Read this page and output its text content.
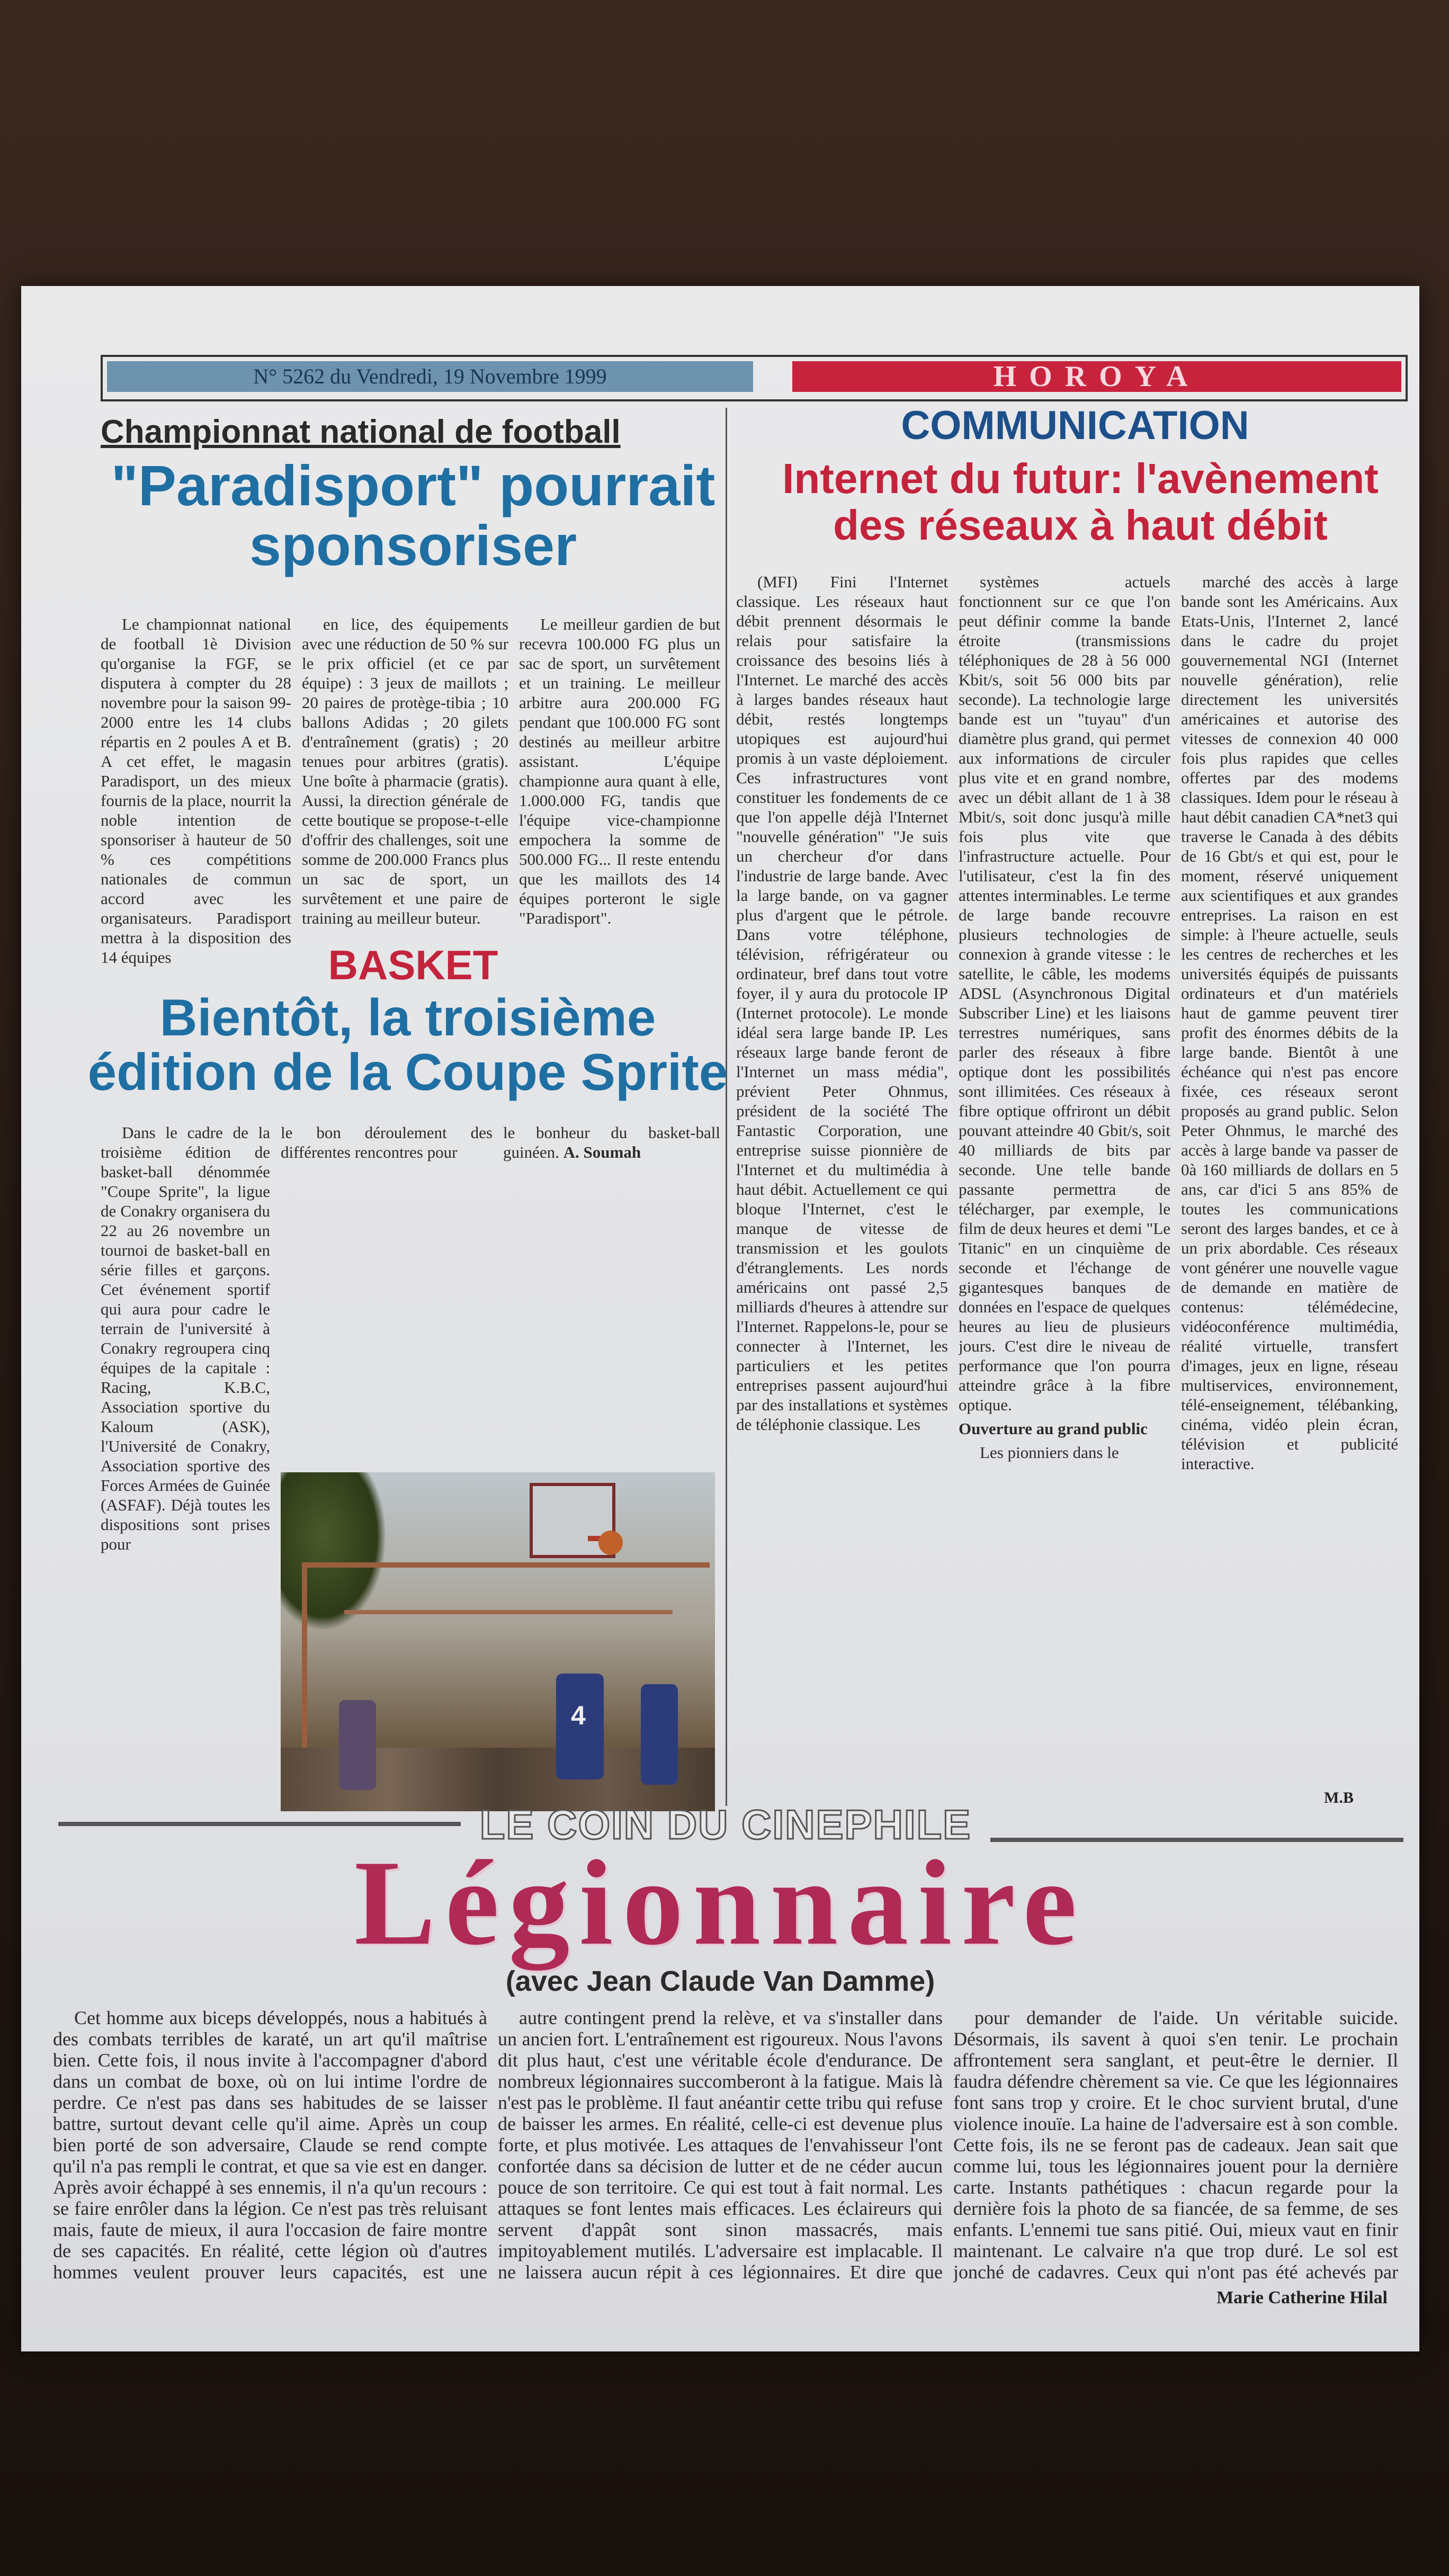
N° 5262 du Vendredi, 19 Novembre 1999	HOROYA
Championnat national de football
"Paradisport" pourrait sponsoriser

Le championnat national de football 1è Division qu'organise la FGF, se disputera à compter du 28 novembre pour la saison 99-2000 entre les 14 clubs répartis en 2 poules A et B. A cet effet, le magasin Paradisport, un des mieux fournis de la place, nourrit la noble intention de sponsoriser à hauteur de 50 % ces compétitions nationales de commun accord avec les organisateurs. Paradisport mettra à la disposition des 14 équipes

en lice, des équipements avec une réduction de 50 % sur le prix officiel (et ce par équipe) : 3 jeux de maillots ; 20 paires de protège-tibia ; 10 ballons Adidas ; 20 gilets d'entraînement (gratis) ; 20 tenues pour arbitres (gratis). Une boîte à pharmacie (gratis). Aussi, la direction générale de cette boutique se propose-t-elle d'offrir des challenges, soit une somme de 200.000 Francs plus un sac de sport, un survêtement et une paire de training au meilleur buteur.

Le meilleur gardien de but recevra 100.000 FG plus un sac de sport, un survêtement et un training. Le meilleur arbitre aura 200.000 FG pendant que 100.000 FG sont destinés au meilleur arbitre assistant. L'équipe championne aura quant à elle, 1.000.000 FG, tandis que l'équipe vice-championne empochera la somme de 500.000 FG... Il reste entendu que les maillots des 14 équipes porteront le sigle "Paradisport".

BASKET
Bientôt, la troisième édition de la Coupe Sprite

Dans le cadre de la troisième édition de basket-ball dénommée "Coupe Sprite", la ligue de Conakry organisera du 22 au 26 novembre un tournoi de basket-ball en série filles et garçons. Cet événement sportif qui aura pour cadre le terrain de l'université à Conakry regroupera cinq équipes de la capitale : Racing, K.B.C, Association sportive du Kaloum (ASK), l'Université de Conakry, Association sportive des Forces Armées de Guinée (ASFAF). Déjà toutes les dispositions sont prises pour

le bon déroulement des différentes rencontres pour

le bonheur du basket-ball guinéen. A. Soumah

4
COMMUNICATION
Internet du futur: l'avènement des réseaux à haut débit

(MFI) Fini l'Internet classique. Les réseaux haut débit prennent désormais le relais pour satisfaire la croissance des besoins liés à l'Internet. Le marché des accès à larges bandes réseaux haut débit, restés longtemps utopiques est aujourd'hui promis à un vaste déploiement. Ces infrastructures vont constituer les fondements de ce que l'on appelle déjà l'Internet "nouvelle génération" "Je suis un chercheur d'or dans l'industrie de large bande. Avec la large bande, on va gagner plus d'argent que le pétrole. Dans votre téléphone, télévision, réfrigérateur ou ordinateur, bref dans tout votre foyer, il y aura du protocole IP (Internet protocole). Le monde idéal sera large bande IP. Les réseaux large bande feront de l'Internet un mass média", prévient Peter Ohnmus, président de la société The Fantastic Corporation, une entreprise suisse pionnière de l'Internet et du multimédia à haut débit. Actuellement ce qui bloque l'Internet, c'est le manque de vitesse de transmission et les goulots d'étranglements. Les nords américains ont passé 2,5 milliards d'heures à attendre sur l'Internet. Rappelons-le, pour se connecter à l'Internet, les particuliers et les petites entreprises passent aujourd'hui par des installations et systèmes de téléphonie classique. Les

systèmes actuels fonctionnent sur ce que l'on peut définir comme la bande étroite (transmissions téléphoniques de 28 à 56 000 Kbit/s, soit 56 000 bits par seconde). La technologie large bande est un "tuyau" d'un diamètre plus grand, qui permet aux informations de circuler plus vite et en grand nombre, avec un débit allant de 1 à 38 Mbit/s, soit donc jusqu'à mille fois plus vite que l'infrastructure actuelle. Pour l'utilisateur, c'est la fin des attentes interminables. Le terme de large bande recouvre plusieurs technologies de connexion à grande vitesse : le satellite, le câble, les modems ADSL (Asynchronous Digital Subscriber Line) et les liaisons terrestres numériques, sans parler des réseaux à fibre optique dont les possibilités sont illimitées. Ces réseaux à fibre optique offriront un débit pouvant atteindre 40 Gbit/s, soit 40 milliards de bits par seconde. Une telle bande passante permettra de télécharger, par exemple, le film de deux heures et demi "Le Titanic" en un cinquième de seconde et l'échange de gigantesques banques de données en l'espace de quelques heures au lieu de plusieurs jours. C'est dire le niveau de performance que l'on pourra atteindre grâce à la fibre optique.

Ouverture au grand public

Les pionniers dans le

marché des accès à large bande sont les Américains. Aux Etats-Unis, l'Internet 2, lancé dans le cadre du projet gouvernemental NGI (Internet nouvelle génération), relie directement les universités américaines et autorise des vitesses de connexion 40 000 fois plus rapides que celles offertes par des modems classiques. Idem pour le réseau à haut débit canadien CA*net3 qui traverse le Canada à des débits de 16 Gbt/s et qui est, pour le moment, réservé uniquement aux scientifiques et aux grandes entreprises. La raison en est simple: à l'heure actuelle, seuls les centres de recherches et les universités équipés de puissants ordinateurs et d'un matériels haut de gamme peuvent tirer profit des énormes débits de la large bande. Bientôt à une échéance qui n'est pas encore fixée, ces réseaux seront proposés au grand public. Selon Peter Ohnmus, le marché des accès à large bande va passer de 0à 160 milliards de dollars en 5 ans, car d'ici 5 ans 85% de toutes les communications seront des larges bandes, et ce à un prix abordable. Ces réseaux vont générer une nouvelle vague de demande en matière de contenus: télémédecine, vidéoconférence multimédia, réalité virtuelle, transfert d'images, jeux en ligne, réseau multiservices, environnement, télé-enseignement, télébanking, cinéma, vidéo plein écran, télévision et publicité interactive.

M.B
LE COIN DU CINEPHILE
Légionnaire
(avec Jean Claude Van Damme)

Cet homme aux biceps développés, nous a habitués à des combats terribles de karaté, un art qu'il maîtrise bien. Cette fois, il nous invite à l'accompagner d'abord dans un combat de boxe, où on lui intime l'ordre de perdre. Ce n'est pas dans ses habitudes de se laisser battre, surtout devant celle qu'il aime. Après un coup bien porté de son adversaire, Claude se rend compte qu'il n'a pas rempli le contrat, et que sa vie est en danger. Après avoir échappé à ses ennemis, il n'a qu'un recours : se faire enrôler dans la légion. Ce n'est pas très reluisant mais, faute de mieux, il aura l'occasion de faire montre de ses capacités. En réalité, cette légion où d'autres hommes veulent prouver leurs capacités, est une

autre contingent prend la relève, et va s'installer dans un ancien fort. L'entraînement est rigoureux. Nous l'avons dit plus haut, c'est une véritable école d'endurance. De nombreux légionnaires succomberont à la fatigue. Mais là n'est pas le problème. Il faut anéantir cette tribu qui refuse de baisser les armes. En réalité, celle-ci est devenue plus forte, et plus motivée. Les attaques de l'envahisseur l'ont confortée dans sa décision de lutter et de ne céder aucun pouce de son territoire. Ce qui est tout à fait normal. Les attaques se font lentes mais efficaces. Les éclaireurs qui servent d'appât sont sinon massacrés, mais impitoyablement mutilés. L'adversaire est implacable. Il ne laissera aucun répit à ces légionnaires. Et dire que

pour demander de l'aide. Un véritable suicide. Désormais, ils savent à quoi s'en tenir. Le prochain affrontement sera sanglant, et peut-être le dernier. Il faudra défendre chèrement sa vie. Ce que les légionnaires font sans trop y croire. Et le choc survient brutal, d'une violence inouïe. La haine de l'adversaire est à son comble. Cette fois, ils ne se feront pas de cadeaux. Jean sait que comme lui, tous les légionnaires jouent pour la dernière carte. Instants pathétiques : chacun regarde pour la dernière fois la photo de sa fiancée, de sa femme, de ses enfants. L'ennemi tue sans pitié. Oui, mieux vaut en finir maintenant. Le calvaire n'a que trop duré. Le sol est jonché de cadavres. Ceux qui n'ont pas été achevés par

Marie Catherine Hilal
